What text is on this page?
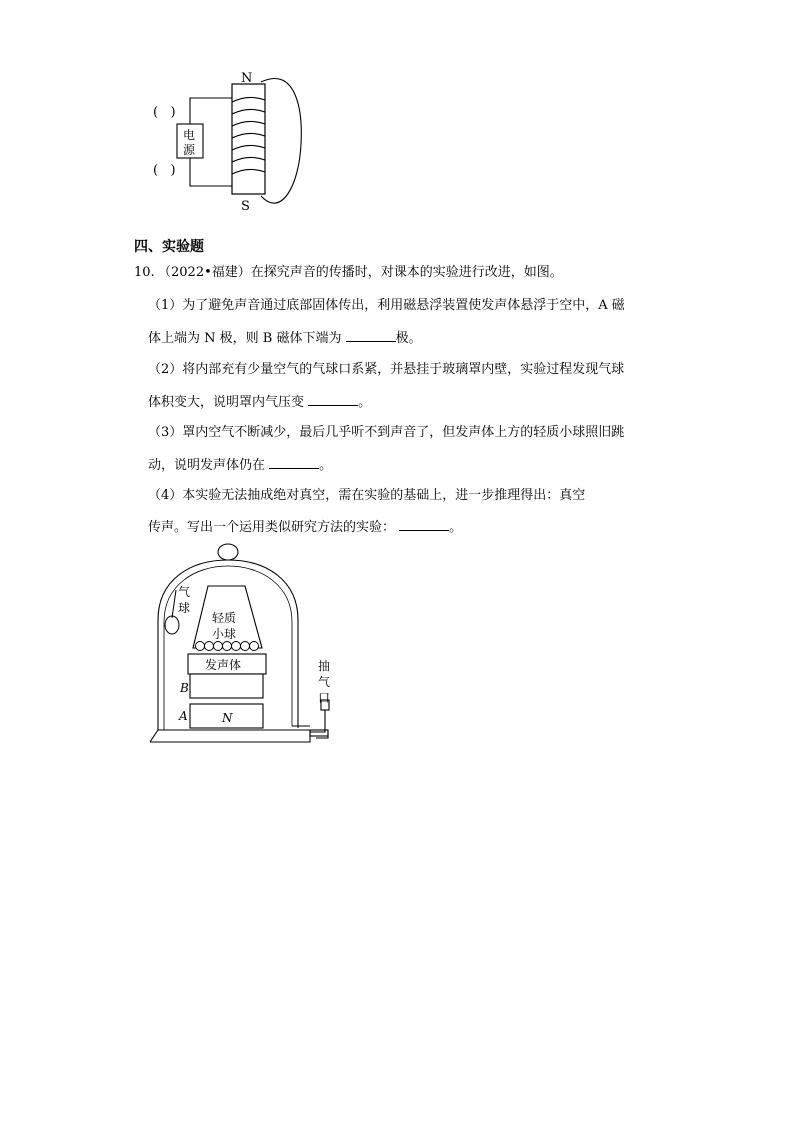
N
S
(   )
(   )
电
源
四、实验题
10. （2022•福建）在探究声音的传播时，对课本的实验进行改进，如图。
（1）为了避免声音通过底部固体传出，利用磁悬浮装置使发声体悬浮于空中，A 磁
体上端为 N 极，则 B 磁体下端为	极。
（2）将内部充有少量空气的气球口系紧，并悬挂于玻璃罩内壁，实验过程发现气球
体积变大，说明罩内气压变	。
（3）罩内空气不断减少，最后几乎听不到声音了，但发声体上方的轻质小球照旧跳
动，说明发声体仍在	。
（4）本实验无法抽成绝对真空，需在实验的基础上，进一步推理得出：真空
传声。写出一个运用类似研究方法的实验：	。
气
球
轻质
小球
发声体
B
A	N
抽
气
口
